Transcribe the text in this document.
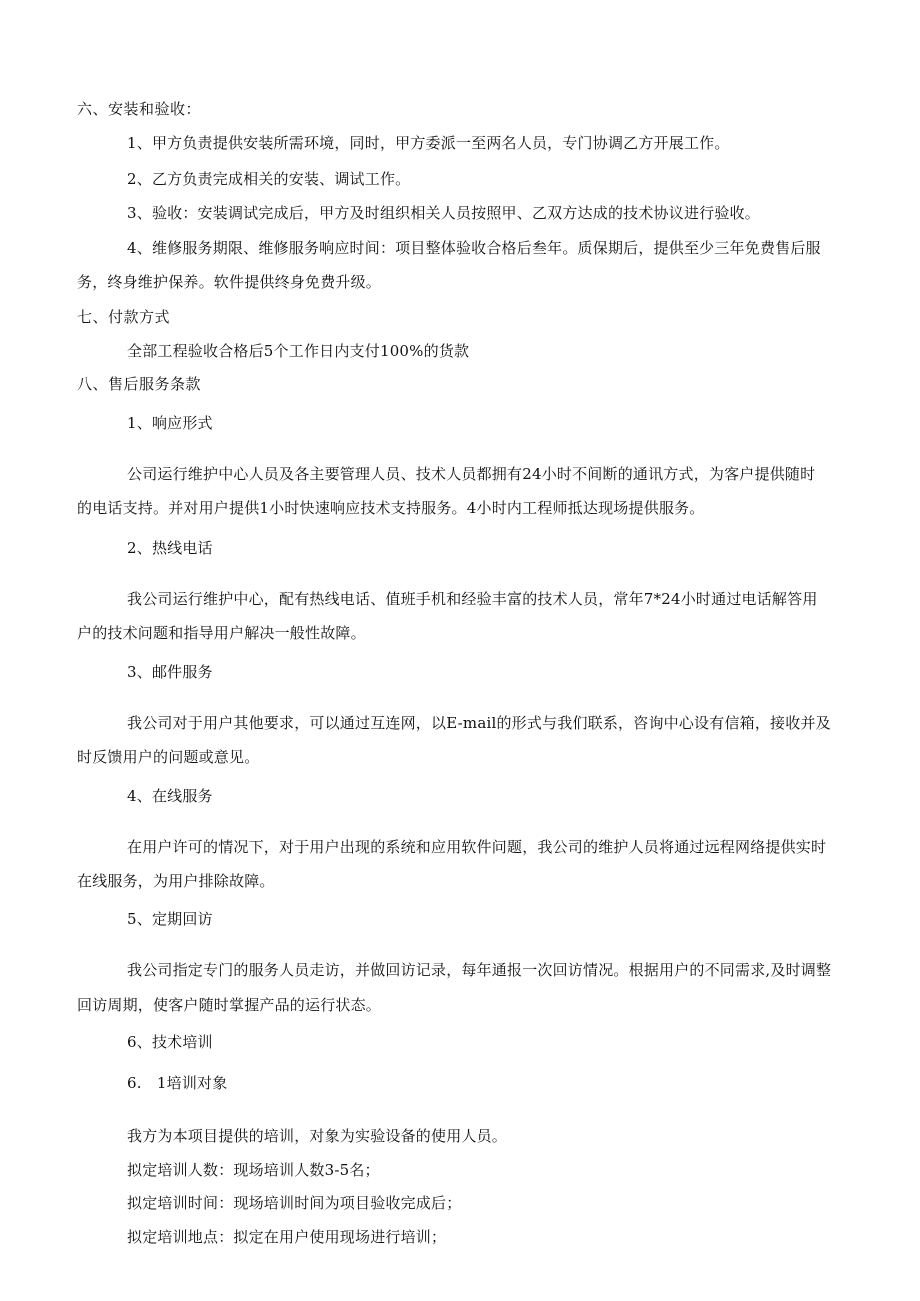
六、安装和验收：
1、甲方负责提供安装所需环境，同时，甲方委派一至两名人员，专门协调乙方开展工作。
2、乙方负责完成相关的安装、调试工作。
3、验收：安装调试完成后，甲方及时组织相关人员按照甲、乙双方达成的技术协议进行验收。
4、维修服务期限、维修服务响应时间：项目整体验收合格后叁年。质保期后，提供至少三年免费售后服
务，终身维护保养。软件提供终身免费升级。
七、付款方式
全部工程验收合格后5个工作日内支付100%的货款
八、售后服务条款
1、响应形式
公司运行维护中心人员及各主要管理人员、技术人员都拥有24小时不间断的通讯方式，为客户提供随时
的电话支持。并对用户提供1小时快速响应技术支持服务。4小时内工程师抵达现场提供服务。
2、热线电话
我公司运行维护中心，配有热线电话、值班手机和经验丰富的技术人员，常年7*24小时通过电话解答用
户的技术问题和指导用户解决一般性故障。
3、邮件服务
我公司对于用户其他要求，可以通过互连网，以E-mail的形式与我们联系，咨询中心设有信箱，接收并及
时反馈用户的问题或意见。
4、在线服务
在用户许可的情况下，对于用户出现的系统和应用软件问题，我公司的维护人员将通过远程网络提供实时
在线服务，为用户排除故障。
5、定期回访
我公司指定专门的服务人员走访，并做回访记录，每年通报一次回访情况。根据用户的不同需求,及时调整
回访周期，使客户随时掌握产品的运行状态。
6、技术培训
6.　1培训对象
我方为本项目提供的培训，对象为实验设备的使用人员。
拟定培训人数：现场培训人数3-5名；
拟定培训时间：现场培训时间为项目验收完成后；
拟定培训地点：拟定在用户使用现场进行培训；
